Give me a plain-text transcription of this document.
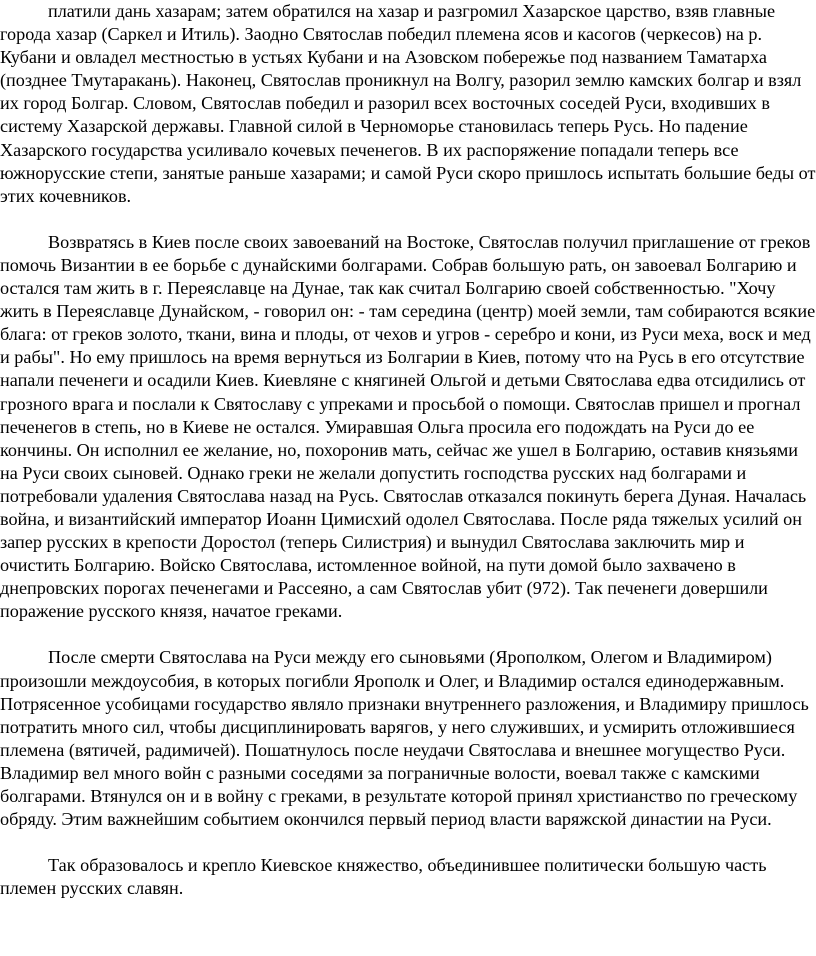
платили дань хазарам; затем обратился на хазар и разгромил Хазарское царство, взяв главные города хазар (Саркел и Итиль). Заодно Святослав победил племена ясов и касогов (черкесов) на р. Кубани и овладел местностью в устьях Кубани и на Азовском побережье под названием Таматарха (позднее Тмутаракань). Наконец, Святослав проникнул на Волгу, разорил землю камских болгар и взял их город Болгар. Словом, Святослав победил и разорил всех восточных соседей Руси, входивших в систему Хазарской державы. Главной силой в Черноморье становилась теперь Русь. Но падение Хазарского государства усиливало кочевых печенегов. В их распоряжение попадали теперь все южнорусские степи, занятые раньше хазарами; и самой Руси скоро пришлось испытать большие беды от этих кочевников.

Возвратясь в Киев после своих завоеваний на Востоке, Святослав получил приглашение от греков помочь Византии в ее борьбе с дунайскими болгарами. Собрав большую рать, он завоевал Болгарию и остался там жить в г. Переяславце на Дунае, так как считал Болгарию своей собственностью. "Хочу жить в Переяславце Дунайском, - говорил он: - там середина (центр) моей земли, там собираются всякие блага: от греков золото, ткани, вина и плоды, от чехов и угров - серебро и кони, из Руси меха, воск и мед и рабы". Но ему пришлось на время вернуться из Болгарии в Киев, потому что на Русь в его отсутствие напали печенеги и осадили Киев. Киевляне с княгиней Ольгой и детьми Святослава едва отсидились от грозного врага и послали к Святославу с упреками и просьбой о помощи. Святослав пришел и прогнал печенегов в степь, но в Киеве не остался. Умиравшая Ольга просила его подождать на Руси до ее кончины. Он исполнил ее желание, но, похоронив мать, сейчас же ушел в Болгарию, оставив князьями на Руси своих сыновей. Однако греки не желали допустить господства русских над болгарами и потребовали удаления Святослава назад на Русь. Святослав отказался покинуть берега Дуная. Началась война, и византийский император Иоанн Цимисхий одолел Святослава. После ряда тяжелых усилий он запер русских в крепости Доростол (теперь Силистрия) и вынудил Святослава заключить мир и очистить Болгарию. Войско Святослава, истомленное войной, на пути домой было захвачено в днепровских порогах печенегами и Рассеяно, а сам Святослав убит (972). Так печенеги довершили поражение русского князя, начатое греками.

После смерти Святослава на Руси между его сыновьями (Ярополком, Олегом и Владимиром) произошли междоусобия, в которых погибли Ярополк и Олег, и Владимир остался единодержавным. Потрясенное усобицами государство являло признаки внутреннего разложения, и Владимиру пришлось потратить много сил, чтобы дисциплинировать варягов, у него служивших, и усмирить отложившиеся племена (вятичей, радимичей). Пошатнулось после неудачи Святослава и внешнее могущество Руси. Владимир вел много войн с разными соседями за пограничные волости, воевал также с камскими болгарами. Втянулся он и в войну с греками, в результате которой принял христианство по греческому обряду. Этим важнейшим событием окончился первый период власти варяжской династии на Руси.

Так образовалось и крепло Киевское княжество, объединившее политически большую часть племен русских славян.
